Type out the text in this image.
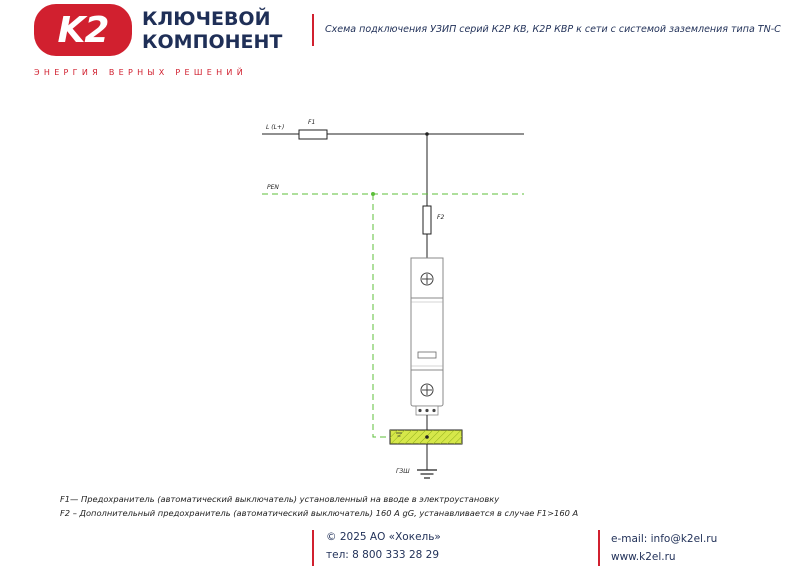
K2 КЛЮЧЕВОЙ
КОМПОНЕНТ
ЭНЕРГИЯ ВЕРНЫХ РЕШЕНИЙ
Схема подключения УЗИП серий К2Р КВ, К2Р КВР к сети с системой заземления типа TN-C
L (L+)
F1
F2
PEN
ГЗШ
F1— Предохранитель (автоматический выключатель) установленный на вводе в электроустановку
F2 – Дополнительный предохранитель (автоматический выключатель) 160 A gG, устанавливается в случае F1>160 A
© 2025 АО «Хокель»
тел: 8 800 333 28 29
e-mail: info@k2el.ru
www.k2el.ru
